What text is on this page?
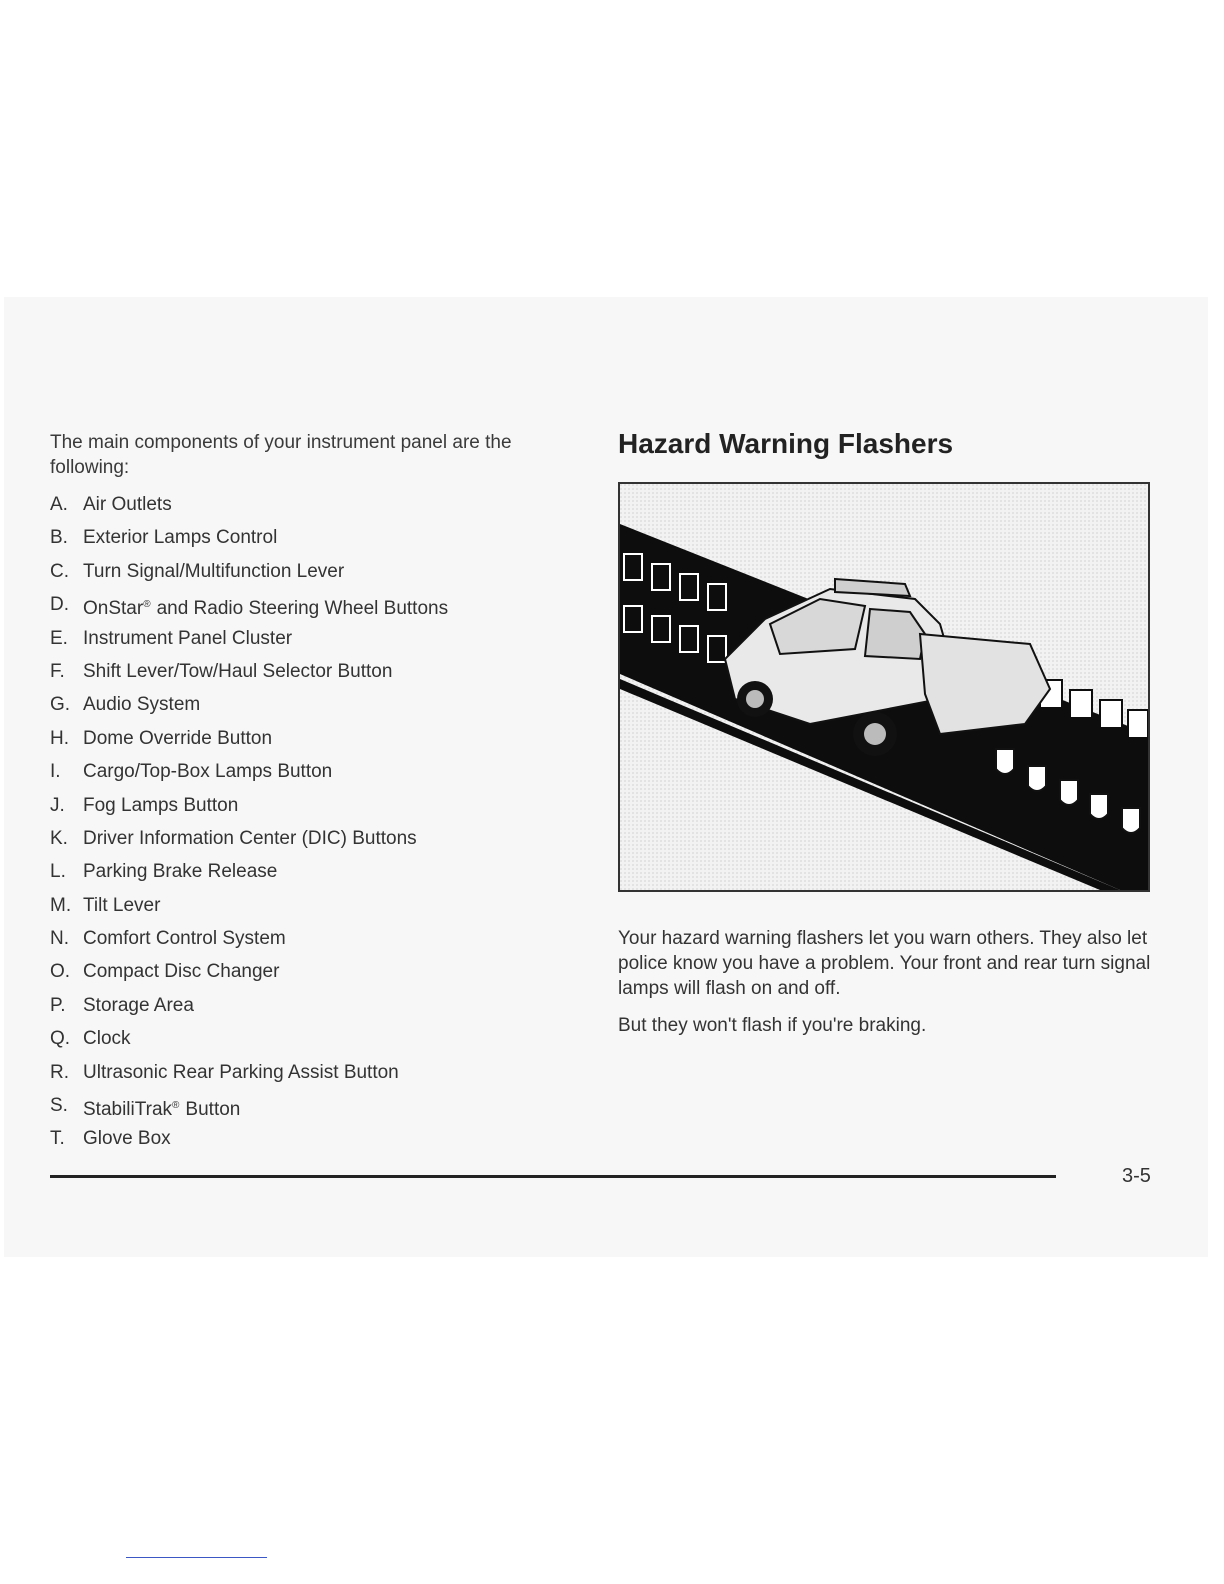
The main components of your instrument panel are the following:

A. Air Outlets
B. Exterior Lamps Control
C. Turn Signal/Multifunction Lever
D. OnStar® and Radio Steering Wheel Buttons
E. Instrument Panel Cluster
F. Shift Lever/Tow/Haul Selector Button
G. Audio System
H. Dome Override Button
I.	Cargo/Top-Box Lamps Button
J. Fog Lamps Button
K. Driver Information Center (DIC) Buttons
L. Parking Brake Release
M. Tilt Lever
N. Comfort Control System
O. Compact Disc Changer
P. Storage Area
Q. Clock
R. Ultrasonic Rear Parking Assist Button
S. StabiliTrak® Button
T. Glove Box
Hazard Warning Flashers

Your hazard warning flashers let you warn others. They also let police know you have a problem. Your front and rear turn signal lamps will flash on and off.

But they won't flash if you're braking.

3-5
